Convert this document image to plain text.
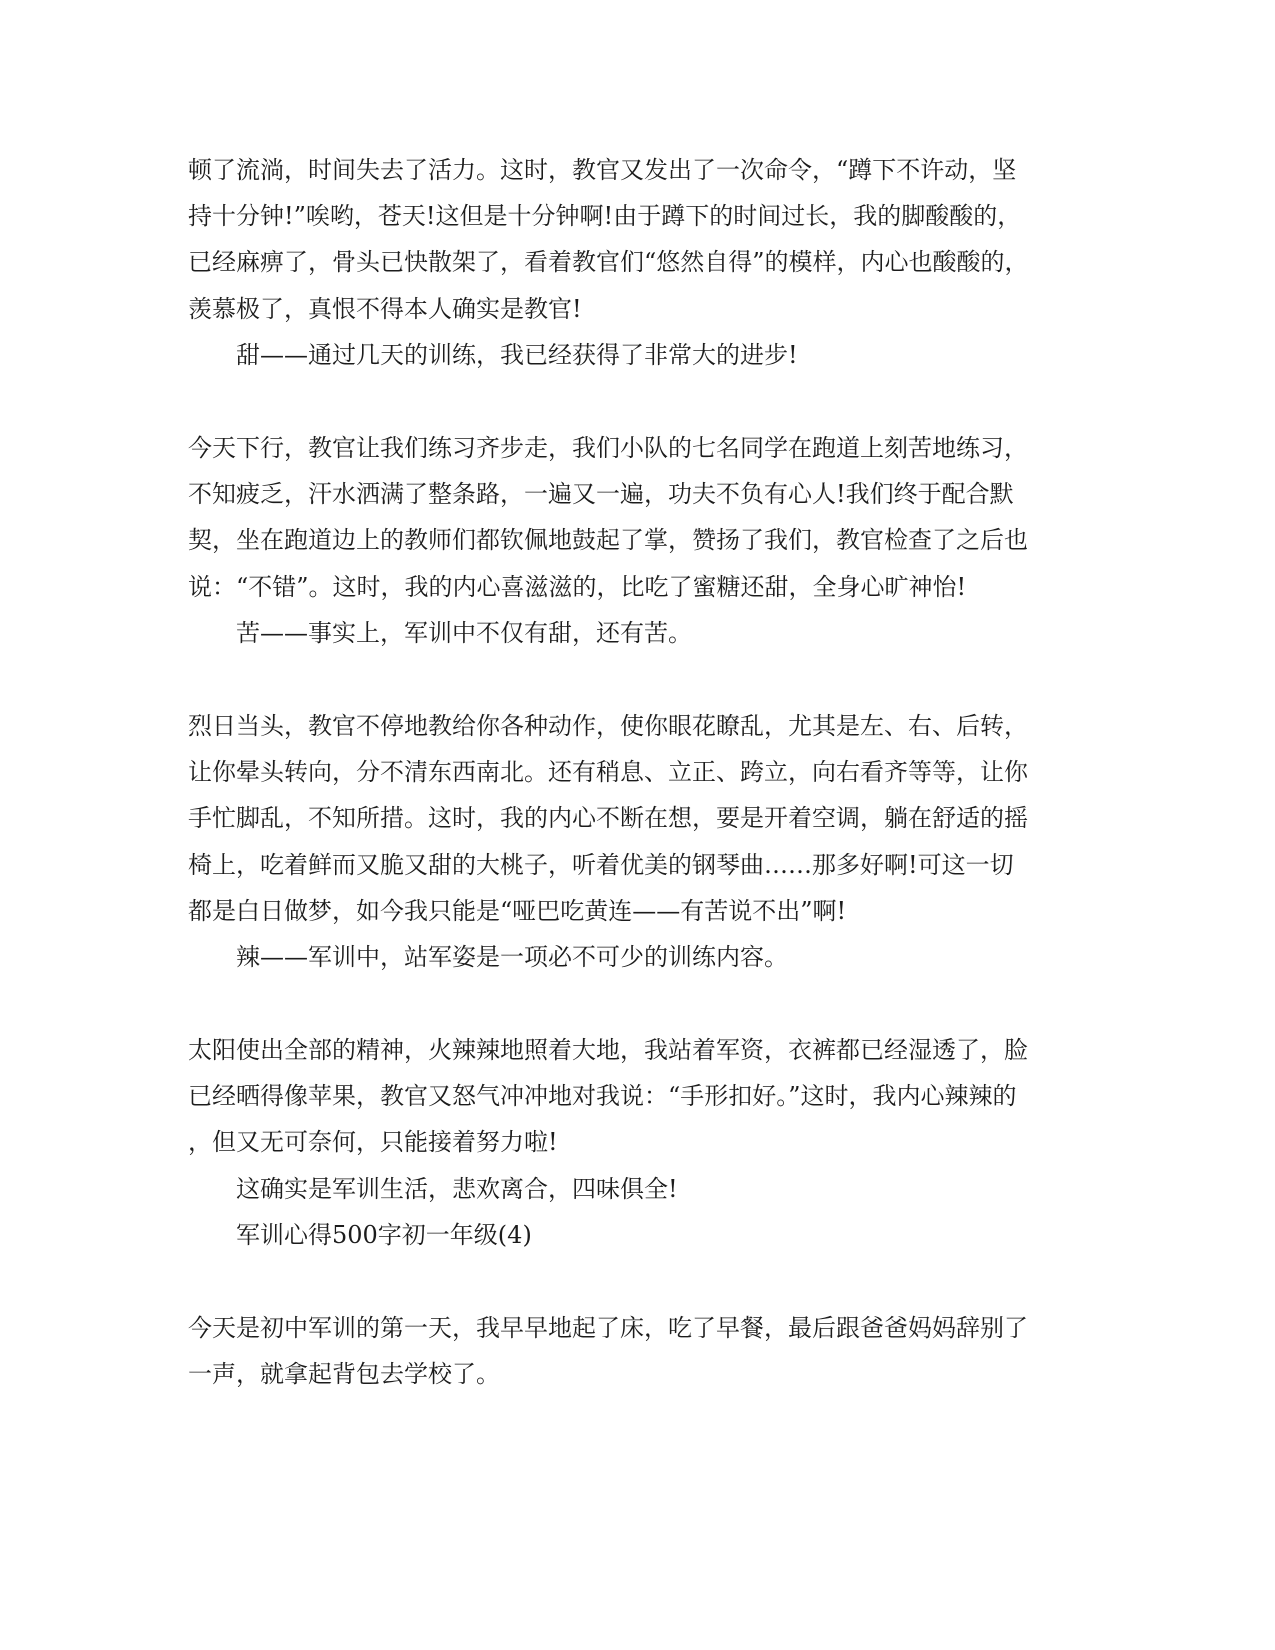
顿了流淌，时间失去了活力。这时，教官又发出了一次命令，“蹲下不许动，坚
持十分钟!”唉哟，苍天!这但是十分钟啊!由于蹲下的时间过长，我的脚酸酸的，
已经麻痹了，骨头已快散架了，看着教官们“悠然自得”的模样，内心也酸酸的，
羡慕极了，真恨不得本人确实是教官!
甜——通过几天的训练，我已经获得了非常大的进步!
今天下行，教官让我们练习齐步走，我们小队的七名同学在跑道上刻苦地练习，
不知疲乏，汗水洒满了整条路，一遍又一遍，功夫不负有心人!我们终于配合默
契，坐在跑道边上的教师们都钦佩地鼓起了掌，赞扬了我们，教官检查了之后也
说：“不错”。这时，我的内心喜滋滋的，比吃了蜜糖还甜，全身心旷神怡!
苦——事实上，军训中不仅有甜，还有苦。
烈日当头，教官不停地教给你各种动作，使你眼花瞭乱，尤其是左、右、后转，
让你晕头转向，分不清东西南北。还有稍息、立正、跨立，向右看齐等等，让你
手忙脚乱，不知所措。这时，我的内心不断在想，要是开着空调，躺在舒适的摇
椅上，吃着鲜而又脆又甜的大桃子，听着优美的钢琴曲……那多好啊!可这一切
都是白日做梦，如今我只能是“哑巴吃黄连——有苦说不出”啊!
辣——军训中，站军姿是一项必不可少的训练内容。
太阳使出全部的精神，火辣辣地照着大地，我站着军资，衣裤都已经湿透了，脸
已经晒得像苹果，教官又怒气冲冲地对我说：“手形扣好。”这时，我内心辣辣的
，但又无可奈何，只能接着努力啦!
这确实是军训生活，悲欢离合，四味俱全!
军训心得500字初一年级(4)
今天是初中军训的第一天，我早早地起了床，吃了早餐，最后跟爸爸妈妈辞别了
一声，就拿起背包去学校了。
